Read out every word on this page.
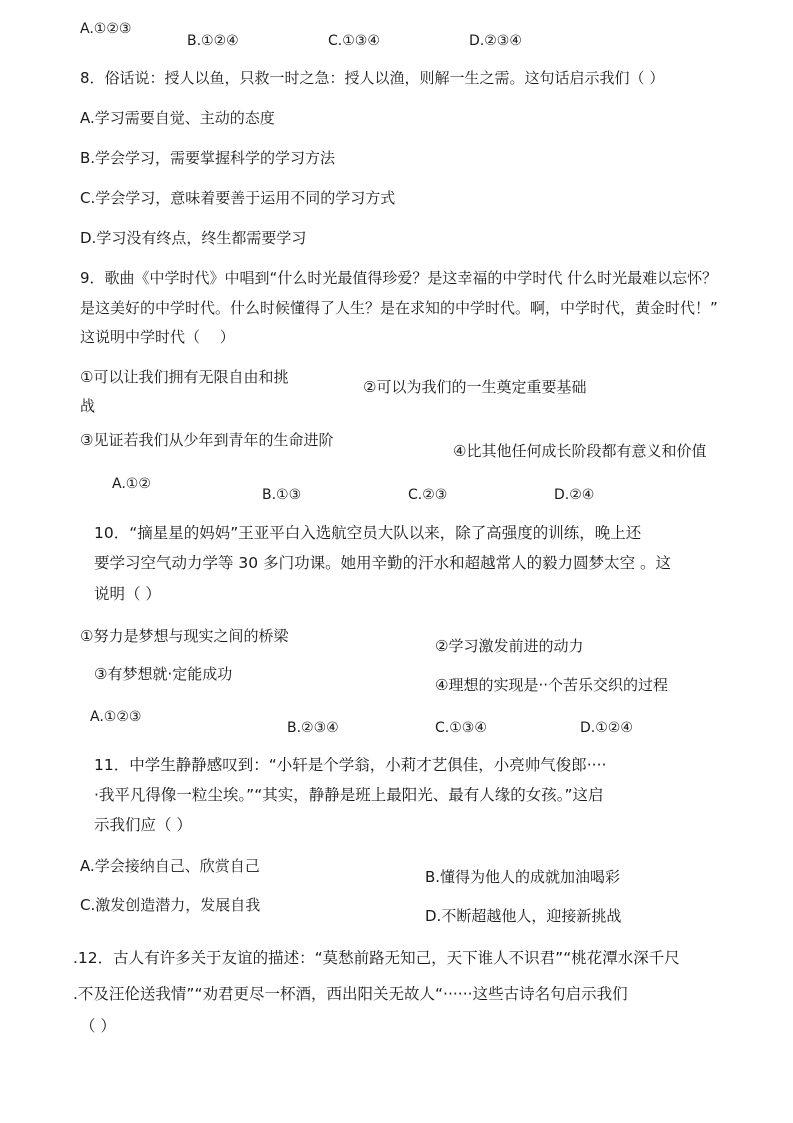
A.①②③
B.①②④	C.①③④	D.②③④
8．俗话说：授人以鱼，只救一时之急：授人以渔，则解一生之需。这句话启示我们（ ）
A.学习需要自觉、主动的态度
B.学会学习，需要掌握科学的学习方法
C.学会学习，意味着要善于运用不同的学习方式
D.学习没有终点，终生都需要学习
9．歌曲《中学时代》中唱到“什么时光最值得珍爱？是这幸福的中学时代 什么时光最难以忘怀？
是这美好的中学时代。什么时候懂得了人生？是在求知的中学时代。啊，中学时代，黄金时代！”
这说明中学时代（　 ）
①可以让我们拥有无限自由和挑
战
②可以为我们的一生奠定重要基础
③见证若我们从少年到青年的生命进阶
④比其他任何成长阶段都有意义和价值
A.①②
B.①③	C.②③	D.②④
10．“摘星星的妈妈”王亚平白入选航空员大队以来，除了高强度的训练，晚上还
要学习空气动力学等 30 多门功课。她用辛勤的汗水和超越常人的毅力圆梦太空 。这
说明（ ）
①努力是梦想与现实之间的桥梁
②学习激发前进的动力
③有梦想就·定能成功
④理想的实现是··个苦乐交织的过程
A.①②③
B.②③④	C.①③④	D.①②④
11．中学生静静感叹到：“小轩是个学翁，小莉才艺俱佳，小亮帅气俊郎····
·我平凡得像一粒尘埃。”“其实，静静是班上最阳光、最有人缘的女孩。”这启
示我们应（ ）
A.学会接纳自己、欣赏自己
B.懂得为他人的成就加油喝彩
C.激发创造潜力，发展自我
D.不断超越他人，迎接新挑战
.12．古人有许多关于友谊的描述：“莫愁前路无知己，天下谁人不识君”“桃花潭水深千尺
.不及汪伦送我情”“劝君更尽一杯酒，西出阳关无故人“······这些古诗名句启示我们
（ ）
